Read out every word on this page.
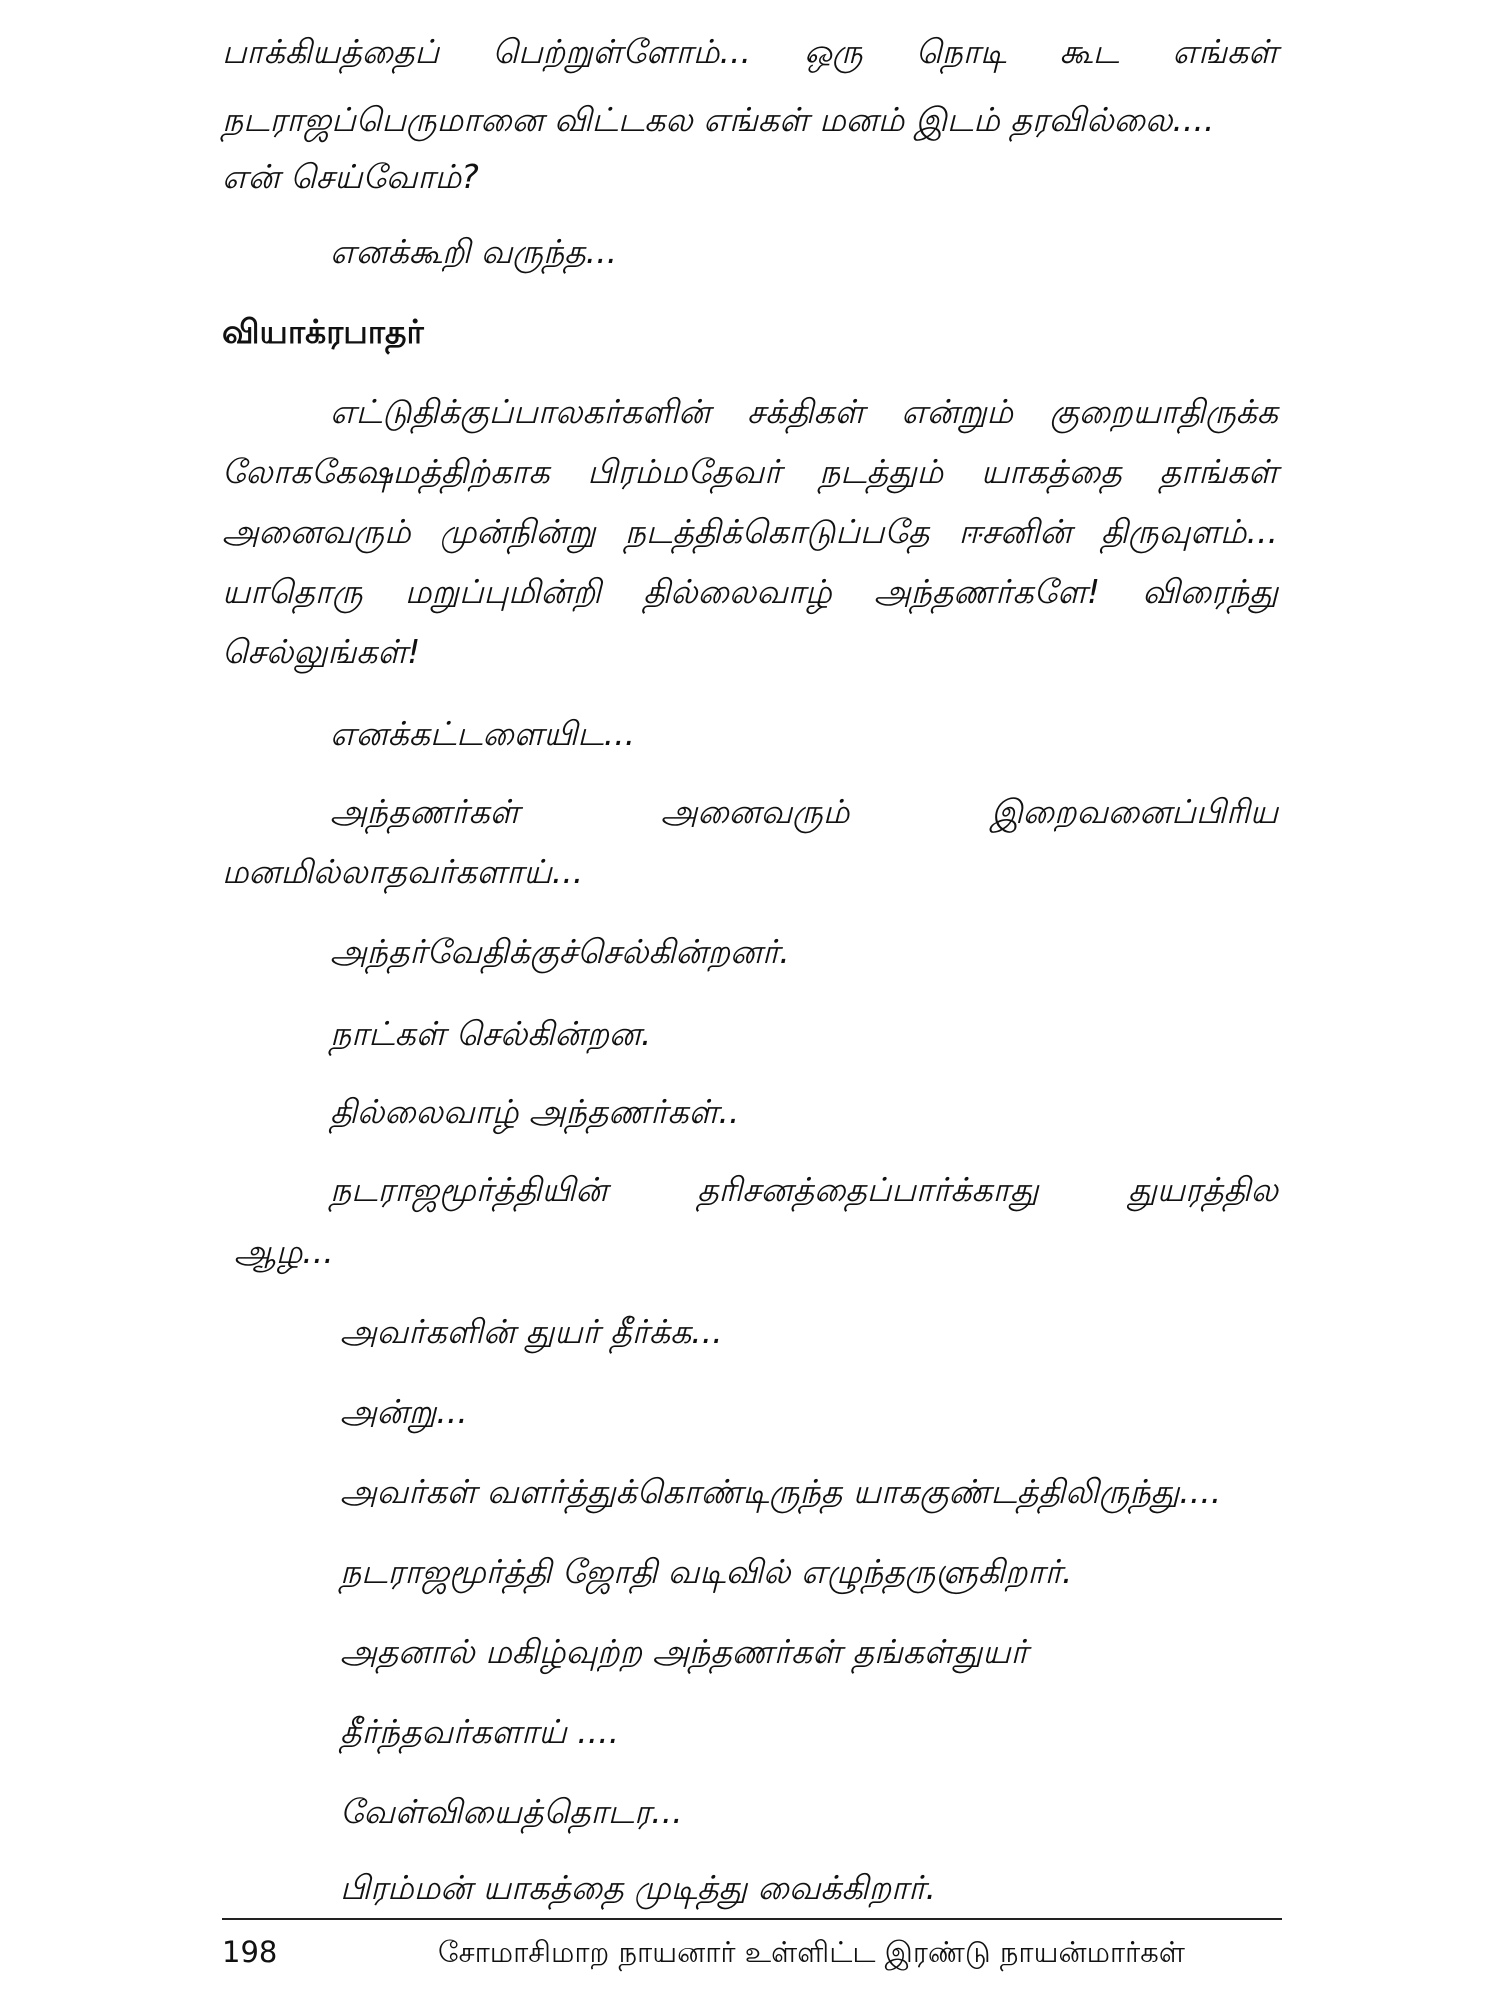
பாக்கியத்தைப் பெற்றுள்ளோம்... ஒரு நொடி கூட எங்கள்
நடராஜப்பெருமானை விட்டகல எங்கள் மனம் இடம் தரவில்லை....
என் செய்வோம்?
எனக்கூறி வருந்த...
வியாக்ரபாதர்
எட்டுதிக்குப்பாலகர்களின் சக்திகள் என்றும் குறையாதிருக்க
லோககேஷமத்திற்காக பிரம்மதேவர் நடத்தும் யாகத்தை தாங்கள்
அனைவரும் முன்நின்று நடத்திக்கொடுப்பதே ஈசனின் திருவுளம்...
யாதொரு மறுப்புமின்றி தில்லைவாழ் அந்தணர்களே! விரைந்து
செல்லுங்கள்!
எனக்கட்டளையிட...
அந்தணர்கள்	அனைவரும்	இறைவனைப்பிரிய
மனமில்லாதவர்களாய்...
அந்தர்வேதிக்குச்செல்கின்றனர்.
நாட்கள் செல்கின்றன.
தில்லைவாழ் அந்தணர்கள்..
நடராஜமூர்த்தியின்	தரிசனத்தைப்பார்க்காது	துயரத்தில
ஆழ...
அவர்களின் துயர் தீர்க்க...
அன்று...
அவர்கள் வளர்த்துக்கொண்டிருந்த யாககுண்டத்திலிருந்து....
நடராஜமூர்த்தி ஜோதி வடிவில் எழுந்தருளுகிறார்.
அதனால் மகிழ்வுற்ற அந்தணர்கள் தங்கள்துயர்
தீர்ந்தவர்களாய் ....
வேள்வியைத்தொடர...
பிரம்மன் யாகத்தை முடித்து வைக்கிறார்.
198	சோமாசிமாற நாயனார் உள்ளிட்ட இரண்டு நாயன்மார்கள்
